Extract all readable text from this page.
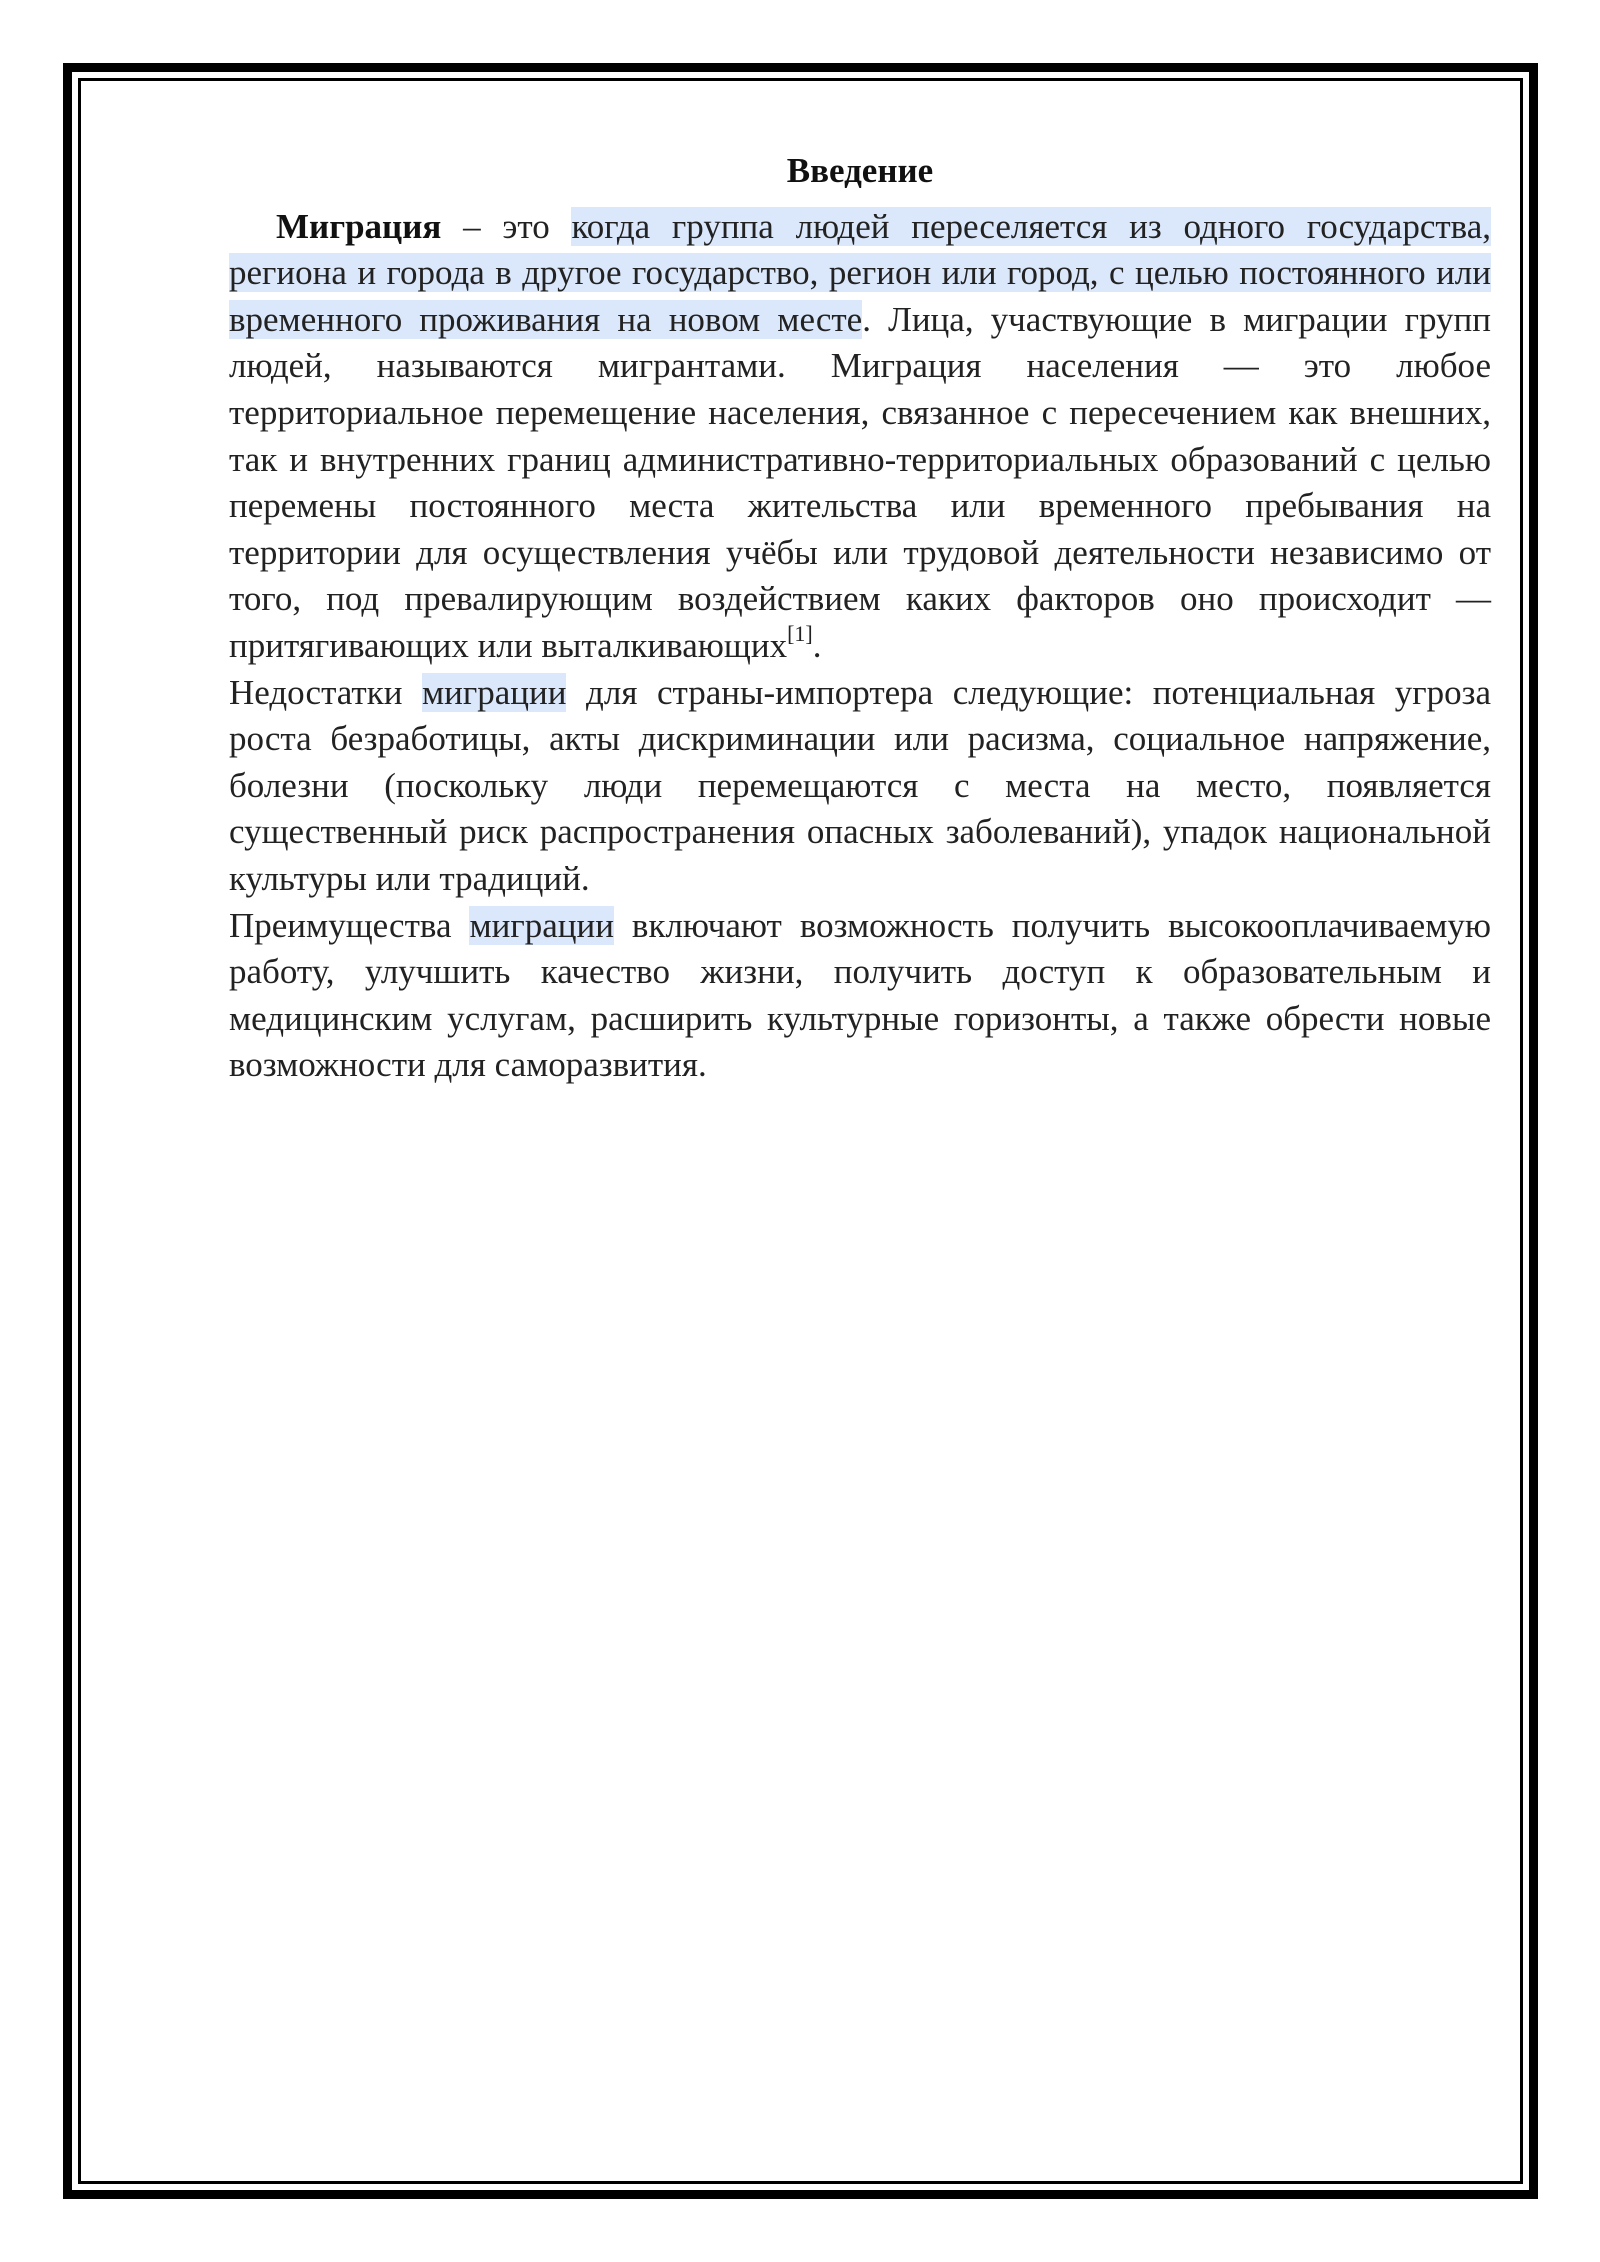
Введение

Миграция – это когда группа людей переселяется из одного государства, региона и города в другое государство, регион или город, с целью постоянного или временного проживания на новом месте. Лица, участвующие в миграции групп людей, называются мигрантами. Миграция населения — это любое территориальное перемещение населения, связанное с пересечением как внешних, так и внутренних границ административно-территориальных образований с целью перемены постоянного места жительства или временного пребывания на территории для осуществления учёбы или трудовой деятельности независимо от того, под превалирующим воздействием каких факторов оно происходит — притягивающих или выталкивающих[1].
Недостатки миграции для страны-импортера следующие: потенциальная угроза роста безработицы, акты дискриминации или расизма, социальное напряжение, болезни (поскольку люди перемещаются с места на место, появляется существенный риск распространения опасных заболеваний), упадок национальной культуры или традиций.
Преимущества миграции включают возможность получить высокооплачиваемую работу, улучшить качество жизни, получить доступ к образовательным и медицинским услугам, расширить культурные горизонты, а также обрести новые возможности для саморазвития.
